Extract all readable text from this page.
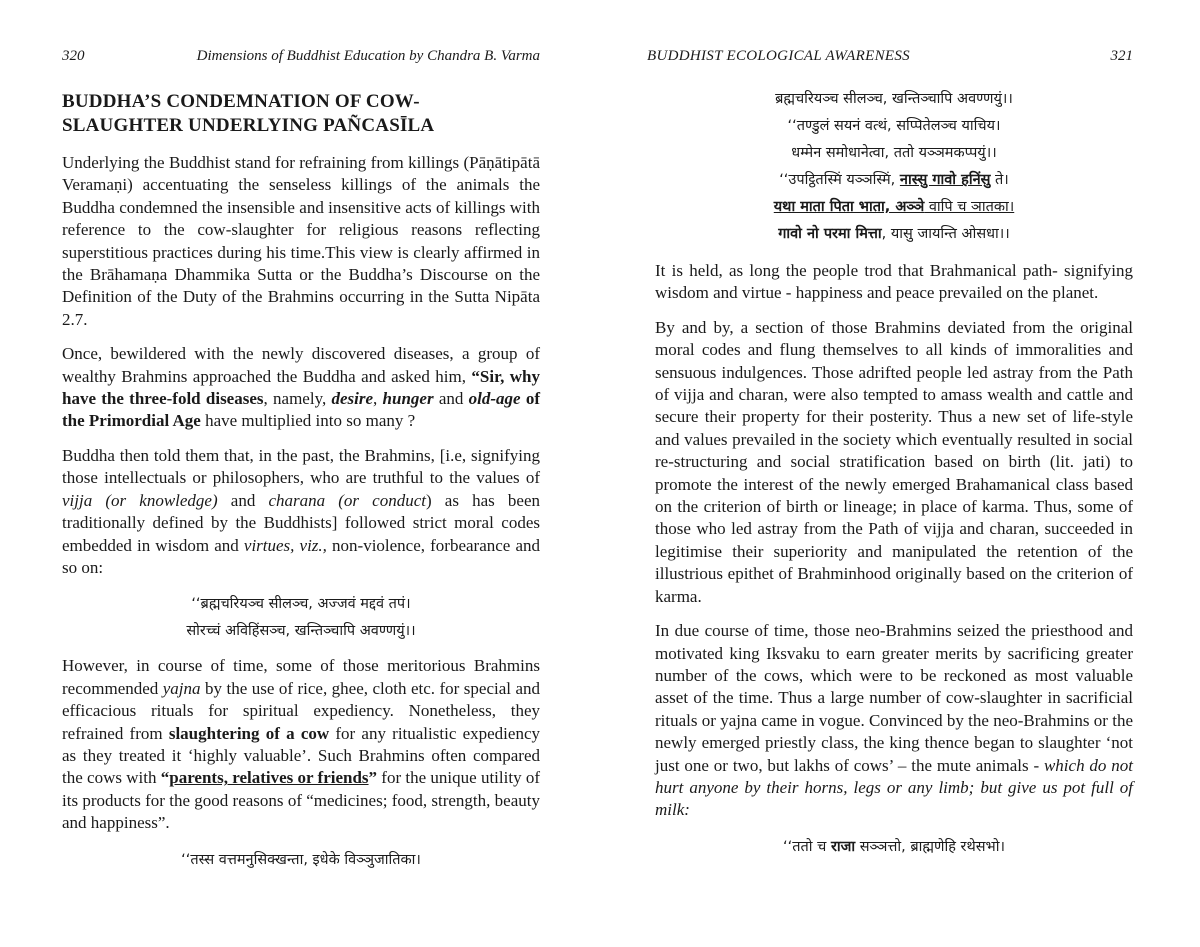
320	Dimensions of Buddhist Education by Chandra B. Varma
BUDDHA’S CONDEMNATION OF COW-SLAUGHTER UNDERLYING PAÑCASĪLA

Underlying the Buddhist stand for refraining from killings (Pāṇātipātā Veramaṇi) accentuating the senseless killings of the animals the Buddha condemned the insensible and insensitive acts of killings with reference to the cow-slaughter for religious reasons reflecting superstitious practices during his time.This view is clearly affirmed in the Brāhamaṇa Dhammika Sutta or the Buddha’s Discourse on the Definition of the Duty of the Brahmins occurring in the Sutta Nipāta 2.7.

Once, bewildered with the newly discovered diseases, a group of wealthy Brahmins approached the Buddha and asked him, “Sir, why have the three-fold diseases, namely, desire, hunger and old-age of the Primordial Age have multiplied into so many ?

Buddha then told them that, in the past, the Brahmins, [i.e, signifying those intellectuals or philosophers, who are truthful to the values of vijja (or knowledge) and charana (or conduct) as has been traditionally defined by the Buddhists] followed strict moral codes embedded in wisdom and virtues, viz., non-violence, forbearance and so on:

‘‘ब्रह्मचरियञ्च सीलञ्च, अज्जवं मद्दवं तपं।

सोरच्चं अविहिंसञ्च, खन्तिञ्चापि अवण्णयुं।।

However, in course of time, some of those meritorious Brahmins recommended yajna by the use of rice, ghee, cloth etc. for special and efficacious rituals for spiritual expediency. Nonetheless, they refrained from slaughtering of a cow for any ritualistic expediency as they treated it ‘highly valuable’. Such Brahmins often compared the cows with “parents, relatives or friends” for the unique utility of its products for the good reasons of “medicines; food, strength, beauty and happiness”.

‘‘तस्स वत्तमनुसिक्खन्ता, इधेके विञ्ञुजातिका।

BUDDHIST ECOLOGICAL AWARENESS	321

ब्रह्मचरियञ्च सीलञ्च, खन्तिञ्चापि अवण्णयुं।।

‘‘तण्डुलं सयनं वत्थं, सप्पितेलञ्च याचिय।

धम्मेन समोधानेत्वा, ततो यञ्ञमकप्पयुं।।

‘‘उपट्ठितस्मिं यञ्ञस्मिं, नास्सु गावो हनिंसु ते।

यथा माता पिता भाता, अञ्ञे वापि च ञातका।

गावो नो परमा मित्ता, यासु जायन्ति ओसधा।।

It is held, as long the people trod that Brahmanical path- signifying wisdom and virtue - happiness and peace prevailed on the planet.

By and by, a section of those Brahmins deviated from the original moral codes and flung themselves to all kinds of immoralities and sensuous indulgences. Those adrifted people led astray from the Path of vijja and charan, were also tempted to amass wealth and cattle and secure their property for their posterity. Thus a new set of life-style and values prevailed in the society which eventually resulted in social re-structuring and social stratification based on birth (lit. jati) to promote the interest of the newly emerged Brahamanical class based on the criterion of birth or lineage; in place of karma. Thus, some of those who led astray from the Path of vijja and charan, succeeded in legitimise their superiority and manipulated the retention of the illustrious epithet of Brahminhood originally based on the criterion of karma.

In due course of time, those neo-Brahmins seized the priesthood and motivated king Iksvaku to earn greater merits by sacrificing greater number of the cows, which were to be reckoned as most valuable asset of the time. Thus a large number of cow-slaughter in sacrificial rituals or yajna came in vogue. Convinced by the neo-Brahmins or the newly emerged priestly class, the king thence began to slaughter ‘not just one or two, but lakhs of cows’ – the mute animals - which do not hurt anyone by their horns, legs or any limb; but give us pot full of milk:

‘‘ततो च राजा सञ्ञत्तो, ब्राह्मणेहि रथेसभो।
